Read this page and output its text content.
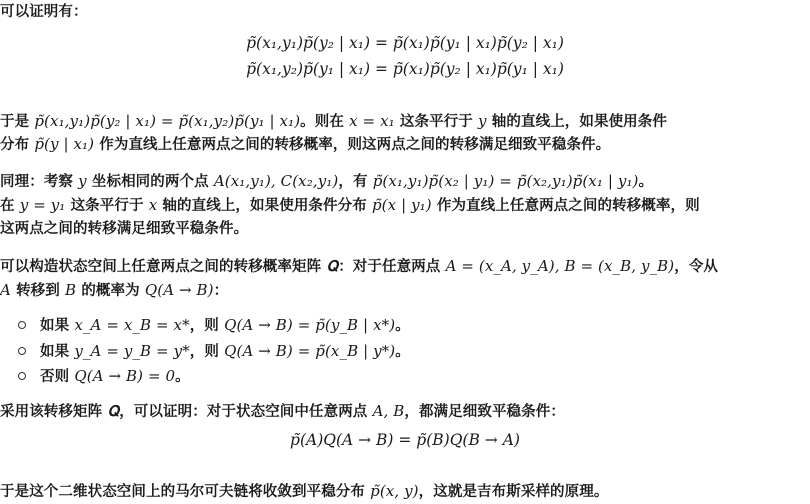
可以证明有：
p̃(x₁,y₁)p̃(y₂ | x₁) = p̃(x₁)p̃(y₁ | x₁)p̃(y₂ | x₁)
p̃(x₁,y₂)p̃(y₁ | x₁) = p̃(x₁)p̃(y₂ | x₁)p̃(y₁ | x₁)
于是 p̃(x₁,y₁)p̃(y₂ | x₁) = p̃(x₁,y₂)p̃(y₁ | x₁)。则在 x = x₁ 这条平行于 y 轴的直线上，如果使用条件
分布 p̃(y | x₁) 作为直线上任意两点之间的转移概率，则这两点之间的转移满足细致平稳条件。
同理：考察 y 坐标相同的两个点 A(x₁,y₁), C(x₂,y₁)，有 p̃(x₁,y₁)p̃(x₂ | y₁) = p̃(x₂,y₁)p̃(x₁ | y₁)。
在 y = y₁ 这条平行于 x 轴的直线上，如果使用条件分布 p̃(x | y₁) 作为直线上任意两点之间的转移概率，则
这两点之间的转移满足细致平稳条件。
可以构造状态空间上任意两点之间的转移概率矩阵 𝐐：对于任意两点 A = (x_A, y_A), B = (x_B, y_B)，令从
A 转移到 B 的概率为 Q(A → B)：
如果 x_A = x_B = x*，则 Q(A → B) = p̃(y_B | x*)。
如果 y_A = y_B = y*，则 Q(A → B) = p̃(x_B | y*)。
否则 Q(A → B) = 0。
采用该转移矩阵 𝐐，可以证明：对于状态空间中任意两点 A, B，都满足细致平稳条件：
p̃(A)Q(A → B) = p̃(B)Q(B → A)
于是这个二维状态空间上的马尔可夫链将收敛到平稳分布 p̃(x, y)，这就是吉布斯采样的原理。
